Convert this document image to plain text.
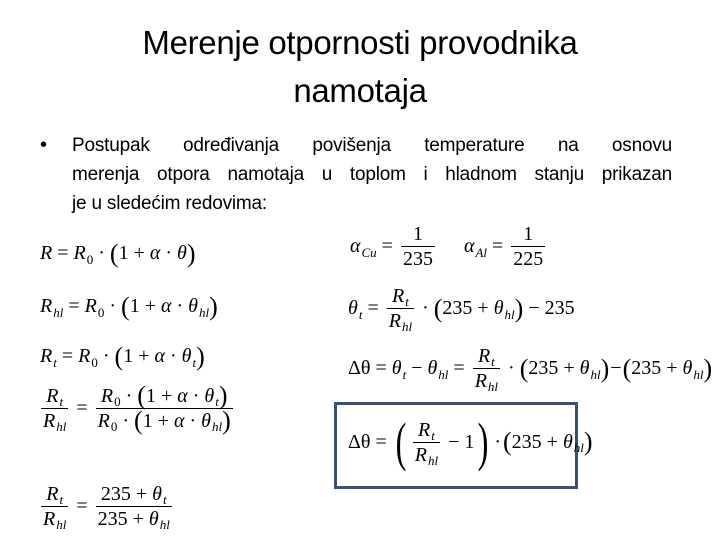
Merenje otpornosti provodnika
namotaja
• Postupak određivanja povišenja temperature na osnovu
merenja otpora namotaja u toplom i hladnom stanju prikazan
je u sledećim redovima:
R = R 0 · ( 1 + α · θ )
R hl = R 0 · ( 1 + α · θ hl )
R t = R 0 · ( 1 + α · θ t )
$\frac{\text{R t}}{\text{R hl}} = \frac{\text{R 0 · ( 1 + α · θ t )}}{\text{R 0 · ( 1 + α · θ hl )}}$
$\frac{\text{R t}}{\text{R hl}} = \frac{\text{235 + θ t}}{\text{235 + θ hl}}$
α $Cu = \frac{1}{235}$ α $Al = \frac{1}{225}$
θ $t = \frac{\text{R t}}{\text{R hl}}$ · ( 235 + θ hl ) − 235
Δθ = θ t − θ hl = $\frac{\text{R t}}{\text{R hl}}$ · ( 235 + θ hl ) − ( 235 + θ hl )
Δθ = ( $\frac{\text{R t}}{\text{R hl}} - 1$ ) · ( 235 + θ hl )
